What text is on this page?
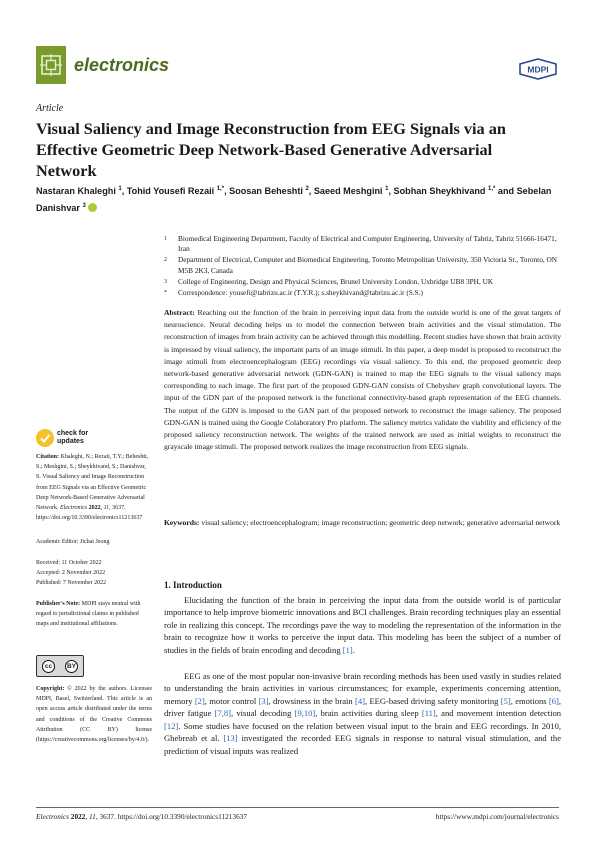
electronics	MDPI
Article
Visual Saliency and Image Reconstruction from EEG Signals via an Effective Geometric Deep Network-Based Generative Adversarial Network
Nastaran Khaleghi $^1$, Tohid Yousefi Rezaii $^{1,*}$, Soosan Beheshti $^2$, Saeed Meshgini $^1$, Sobhan Sheykhivand $^{1,*}$ and Sebelan Danishvar $^3$
1 Biomedical Engineering Department, Faculty of Electrical and Computer Engineering, University of Tabriz, Tabriz 51666-16471, Iran
2 Department of Electrical, Computer and Biomedical Engineering, Toronto Metropolitan University, 350 Victoria St., Toronto, ON M5B 2K3, Canada
3 College of Engineering, Design and Physical Sciences, Brunel University London, Uxbridge UB8 3PH, UK
* Correspondence: yousefi@tabrizu.ac.ir (T.Y.R.); s.sheykhivand@tabrizu.ac.ir (S.S.)

Abstract: Reaching out the function of the brain in perceiving input data from the outside world is one of the great targets of neuroscience. Neural decoding helps us to model the connection between brain activities and the visual stimulation. The reconstruction of images from brain activity can be achieved through this modelling. Recent studies have shown that brain activity is impressed by visual saliency, the important parts of an image stimuli. In this paper, a deep model is proposed to reconstruct the image stimuli from electroencephalogram (EEG) recordings via visual saliency. To this end, the proposed geometric deep network-based generative adversarial network (GDN-GAN) is trained to map the EEG signals to the visual saliency maps corresponding to each image. The first part of the proposed GDN-GAN consists of Chebyshev graph convolutional layers. The input of the GDN part of the proposed network is the functional connectivity-based graph representation of the EEG channels. The output of the GDN is imposed to the GAN part of the proposed network to reconstruct the image saliency. The proposed GDN-GAN is trained using the Google Colaboratory Pro platform. The saliency metrics validate the viability and efficiency of the proposed saliency reconstruction network. The weights of the trained network are used as initial weights to reconstruct the grayscale image stimuli. The proposed network realizes the image reconstruction from EEG signals.

Keywords: visual saliency; electroencephalogram; image reconstruction; geometric deep network; generative adversarial network

check for
updates
Citation: Khaleghi, N.; Rezaii, T.Y.; Beheshti, S.; Meshgini, S.; Sheykhivand, S.; Danishvar, S. Visual Saliency and Image Reconstruction from EEG Signals via an Effective Geometric Deep Network-Based Generative Adversarial Network. Electronics 2022, 11, 3637. https://doi.org/10.3390/electronics11213637
Academic Editor: Jichai Jeong
Received: 11 October 2022
Accepted: 2 November 2022
Published: 7 November 2022
Publisher's Note: MDPI stays neutral with regard to jurisdictional claims in published maps and institutional affiliations.
cc	BY
Copyright: © 2022 by the authors. Licensee MDPI, Basel, Switzerland. This article is an open access article distributed under the terms and conditions of the Creative Commons Attribution (CC BY) license (https://creativecommons.org/licenses/by/4.0/).
1. Introduction

Elucidating the function of the brain in perceiving the input data from the outside world is of particular importance to help improve biometric innovations and BCI challenges. Brain recording techniques play an essential role in realizing this concept. The recordings pave the way to modeling the representation of the information in the brain to recognize how it works to perceive the input data. This modeling has been the subject of a number of studies in the fields of brain encoding and decoding [1].

EEG as one of the most popular non-invasive brain recording methods has been used vastly in studies related to understanding the brain activities in various circumstances; for example, experiments concerning attention, memory [2], motor control [3], drowsiness in the brain [4], EEG-based driving safety monitoring [5], emotions [6], driver fatigue [7,8], visual decoding [9,10], brain activities during sleep [11], and movement intention detection [12]. Some studies have focused on the relation between visual input to the brain and EEG recordings. In 2010, Ghebreab et al. [13] investigated the recorded EEG signals in response to natural visual stimulation, and the prediction of visual inputs was realized

Electronics 2022, 11, 3637. https://doi.org/10.3390/electronics11213637	https://www.mdpi.com/journal/electronics
